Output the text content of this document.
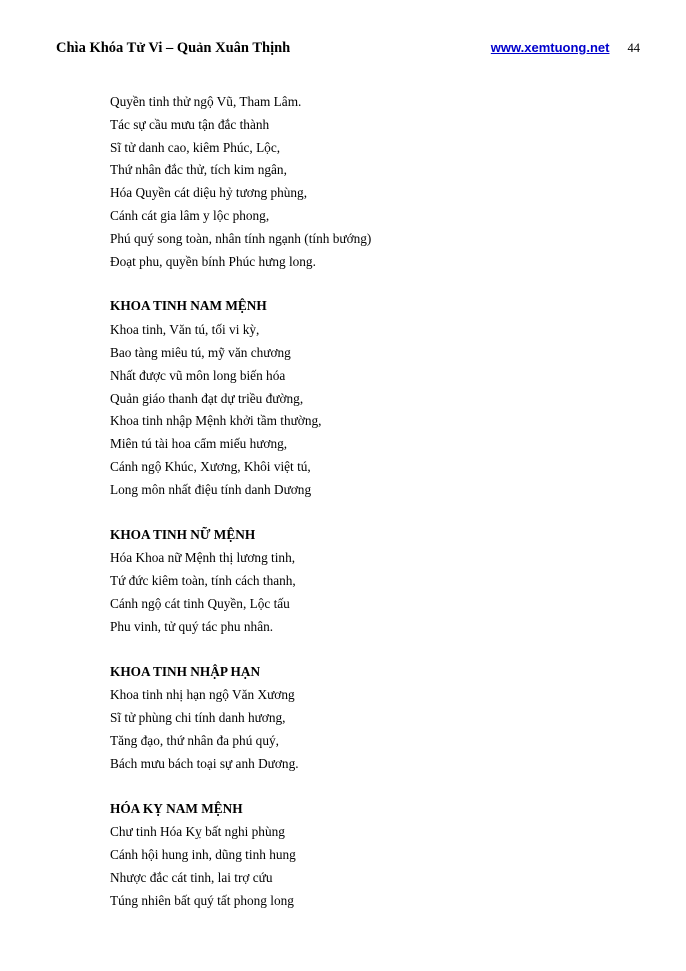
Chìa Khóa Tử Vi – Quản Xuân Thịnh	www.xemtuong.net 44
Quyền tinh thử ngộ Vũ, Tham Lâm.
Tác sự cầu mưu tận đắc thành
Sĩ tử danh cao, kiêm Phúc, Lộc,
Thứ nhân đắc thử, tích kim ngân,
Hóa Quyền cát diệu hỷ tương phùng,
Cánh cát gia lâm y lộc phong,
Phú quý song toàn, nhân tính ngạnh (tính bướng)
Đoạt phu, quyền bính Phúc hưng long.
KHOA TINH NAM MỆNH
Khoa tinh, Văn tú, tối vi kỳ,
Bao tàng miêu tú, mỹ văn chương
Nhất được vũ môn long biến hóa
Quản giáo thanh đạt dự triều đường,
Khoa tinh nhập Mệnh khởi tầm thường,
Miên tú tài hoa cẩm miếu hương,
Cánh ngộ Khúc, Xương, Khôi việt tú,
Long môn nhất điệu tính danh Dương
KHOA TINH NỮ MỆNH
Hóa Khoa nữ Mệnh thị lương tinh,
Tứ đức kiêm toàn, tính cách thanh,
Cánh ngộ cát tinh Quyền, Lộc tấu
Phu vinh, tử quý tác phu nhân.
KHOA TINH NHẬP HẠN
Khoa tinh nhị hạn ngộ Văn Xương
Sĩ tử phùng chi tính danh hương,
Tăng đạo, thứ nhân đa phú quý,
Bách mưu bách toại sự anh Dương.
HÓA KỴ NAM MỆNH
Chư tinh Hóa Kỵ bất nghi phùng
Cánh hội hung inh, dũng tinh hung
Nhược đắc cát tinh, lai trợ cứu
Túng nhiên bất quý tất phong long
